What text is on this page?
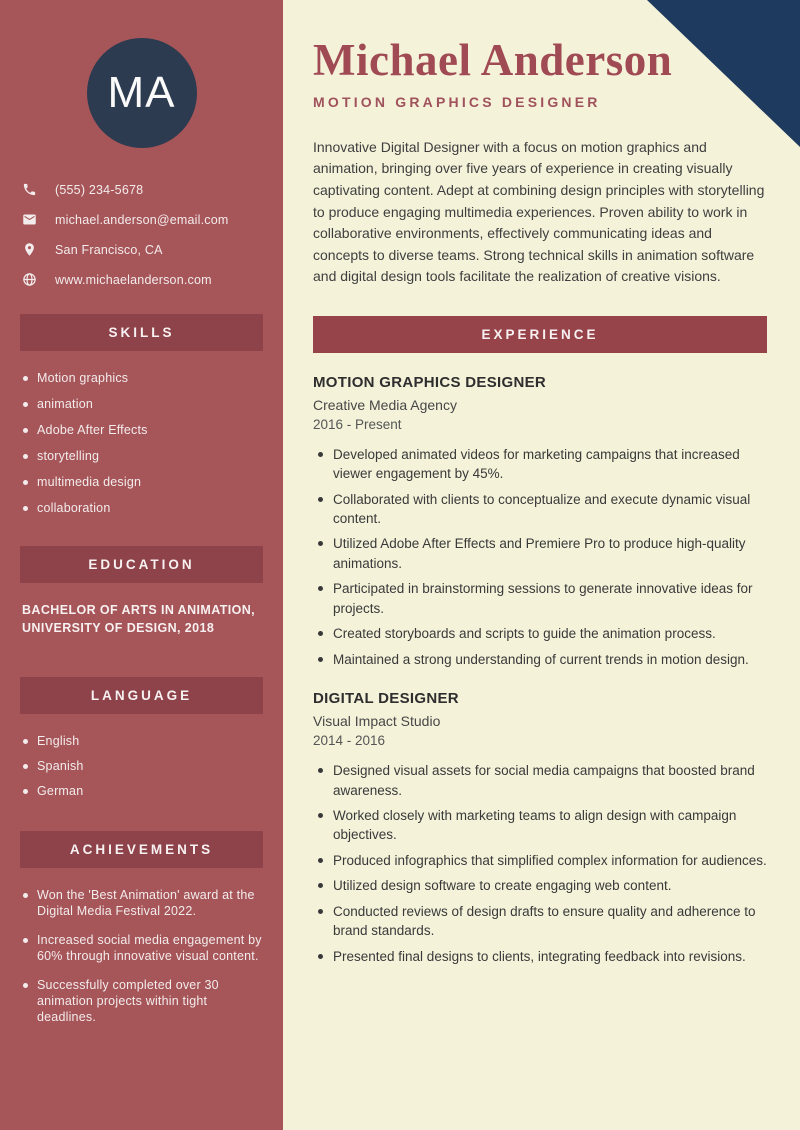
MA
(555) 234-5678
michael.anderson@email.com
San Francisco, CA
www.michaelanderson.com
SKILLS
Motion graphics
animation
Adobe After Effects
storytelling
multimedia design
collaboration
EDUCATION
BACHELOR OF ARTS IN ANIMATION, UNIVERSITY OF DESIGN, 2018
LANGUAGE
English
Spanish
German
ACHIEVEMENTS
Won the 'Best Animation' award at the Digital Media Festival 2022.
Increased social media engagement by 60% through innovative visual content.
Successfully completed over 30 animation projects within tight deadlines.
Michael Anderson
MOTION GRAPHICS DESIGNER

Innovative Digital Designer with a focus on motion graphics and animation, bringing over five years of experience in creating visually captivating content. Adept at combining design principles with storytelling to produce engaging multimedia experiences. Proven ability to work in collaborative environments, effectively communicating ideas and concepts to diverse teams. Strong technical skills in animation software and digital design tools facilitate the realization of creative visions.

EXPERIENCE
MOTION GRAPHICS DESIGNER
Creative Media Agency
2016 - Present
Developed animated videos for marketing campaigns that increased viewer engagement by 45%.
Collaborated with clients to conceptualize and execute dynamic visual content.
Utilized Adobe After Effects and Premiere Pro to produce high-quality animations.
Participated in brainstorming sessions to generate innovative ideas for projects.
Created storyboards and scripts to guide the animation process.
Maintained a strong understanding of current trends in motion design.
DIGITAL DESIGNER
Visual Impact Studio
2014 - 2016
Designed visual assets for social media campaigns that boosted brand awareness.
Worked closely with marketing teams to align design with campaign objectives.
Produced infographics that simplified complex information for audiences.
Utilized design software to create engaging web content.
Conducted reviews of design drafts to ensure quality and adherence to brand standards.
Presented final designs to clients, integrating feedback into revisions.
